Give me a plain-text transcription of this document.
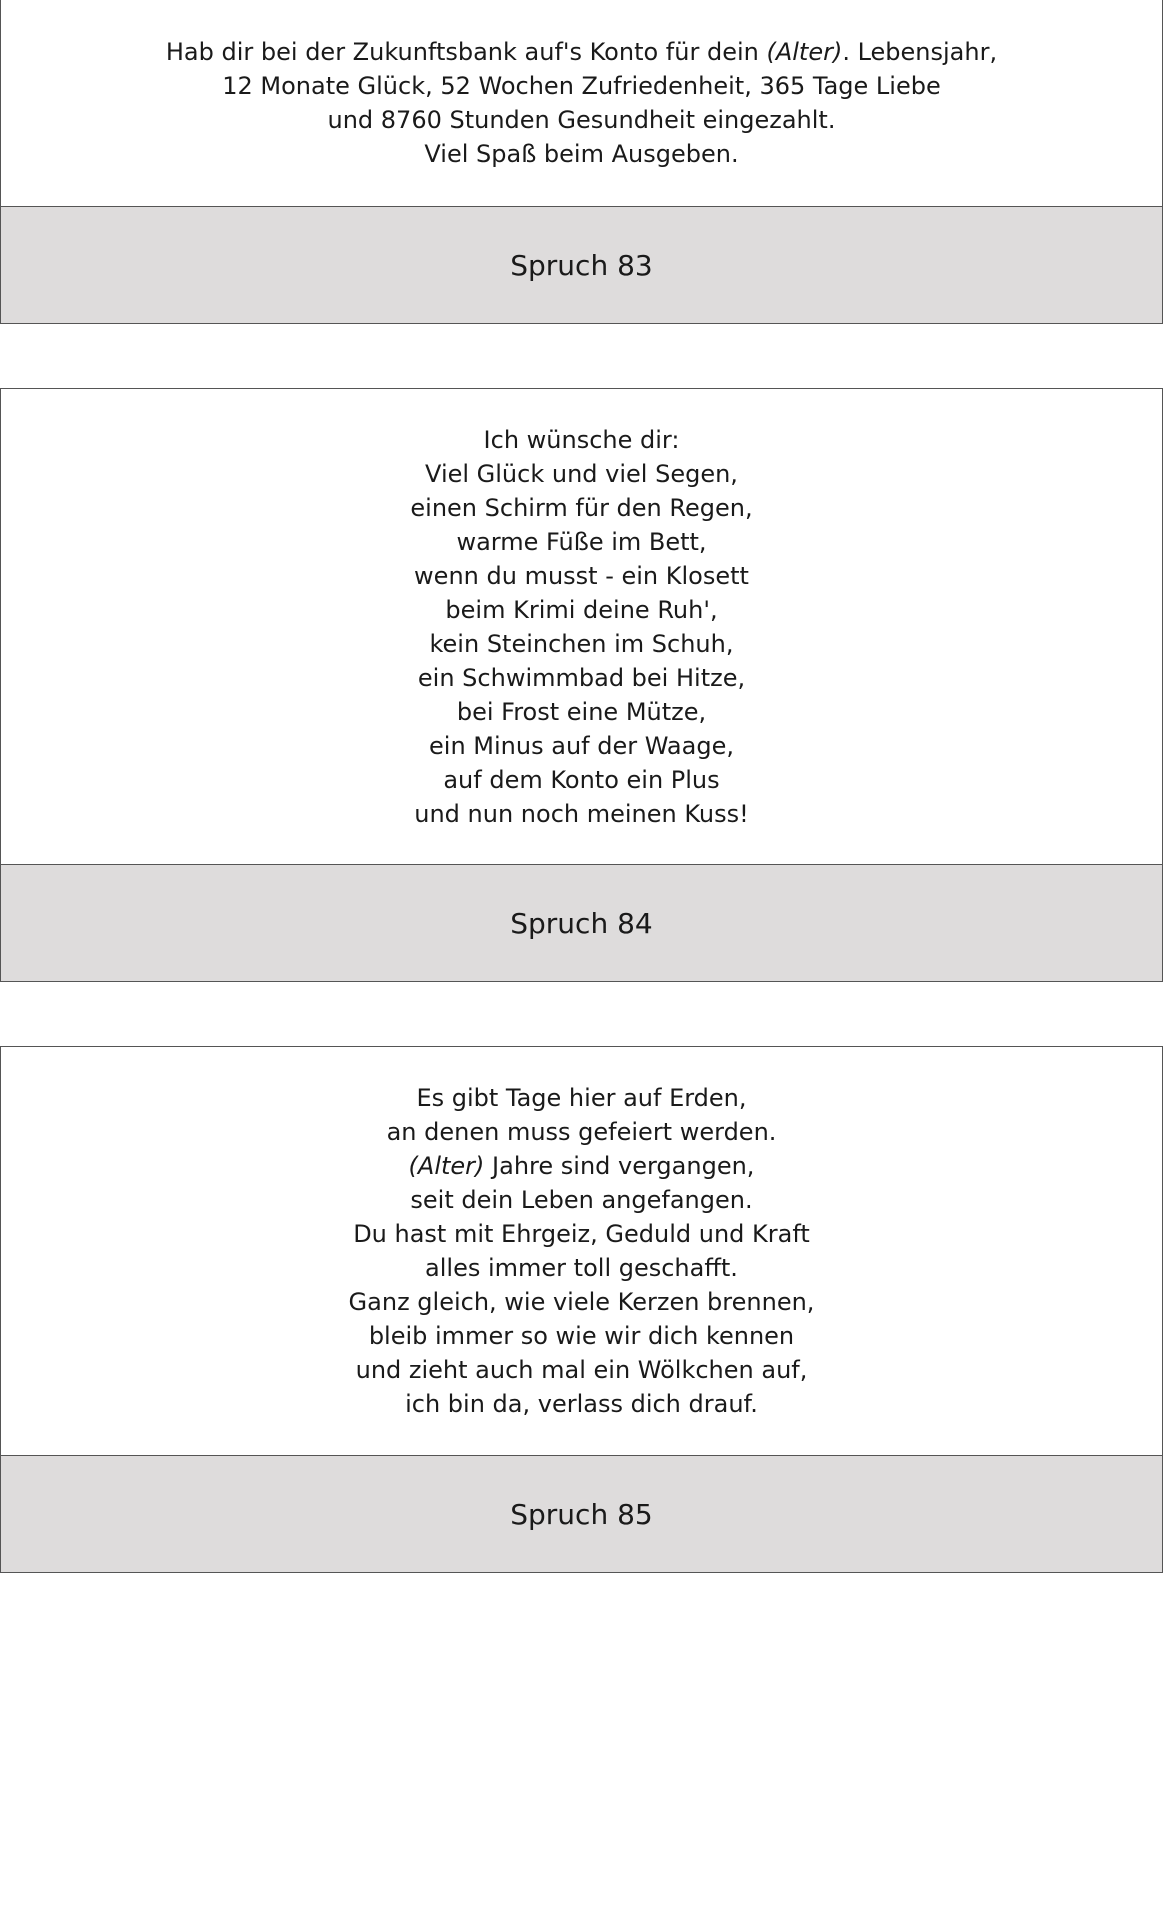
Hab dir bei der Zukunftsbank auf's Konto für dein (Alter). Lebensjahr,
12 Monate Glück, 52 Wochen Zufriedenheit, 365 Tage Liebe
und 8760 Stunden Gesundheit eingezahlt.
Viel Spaß beim Ausgeben.
Spruch 83
Ich wünsche dir:
Viel Glück und viel Segen,
einen Schirm für den Regen,
warme Füße im Bett,
wenn du musst - ein Klosett
beim Krimi deine Ruh',
kein Steinchen im Schuh,
ein Schwimmbad bei Hitze,
bei Frost eine Mütze,
ein Minus auf der Waage,
auf dem Konto ein Plus
und nun noch meinen Kuss!
Spruch 84
Es gibt Tage hier auf Erden,
an denen muss gefeiert werden.
(Alter) Jahre sind vergangen,
seit dein Leben angefangen.
Du hast mit Ehrgeiz, Geduld und Kraft
alles immer toll geschafft.
Ganz gleich, wie viele Kerzen brennen,
bleib immer so wie wir dich kennen
und zieht auch mal ein Wölkchen auf,
ich bin da, verlass dich drauf.
Spruch 85
